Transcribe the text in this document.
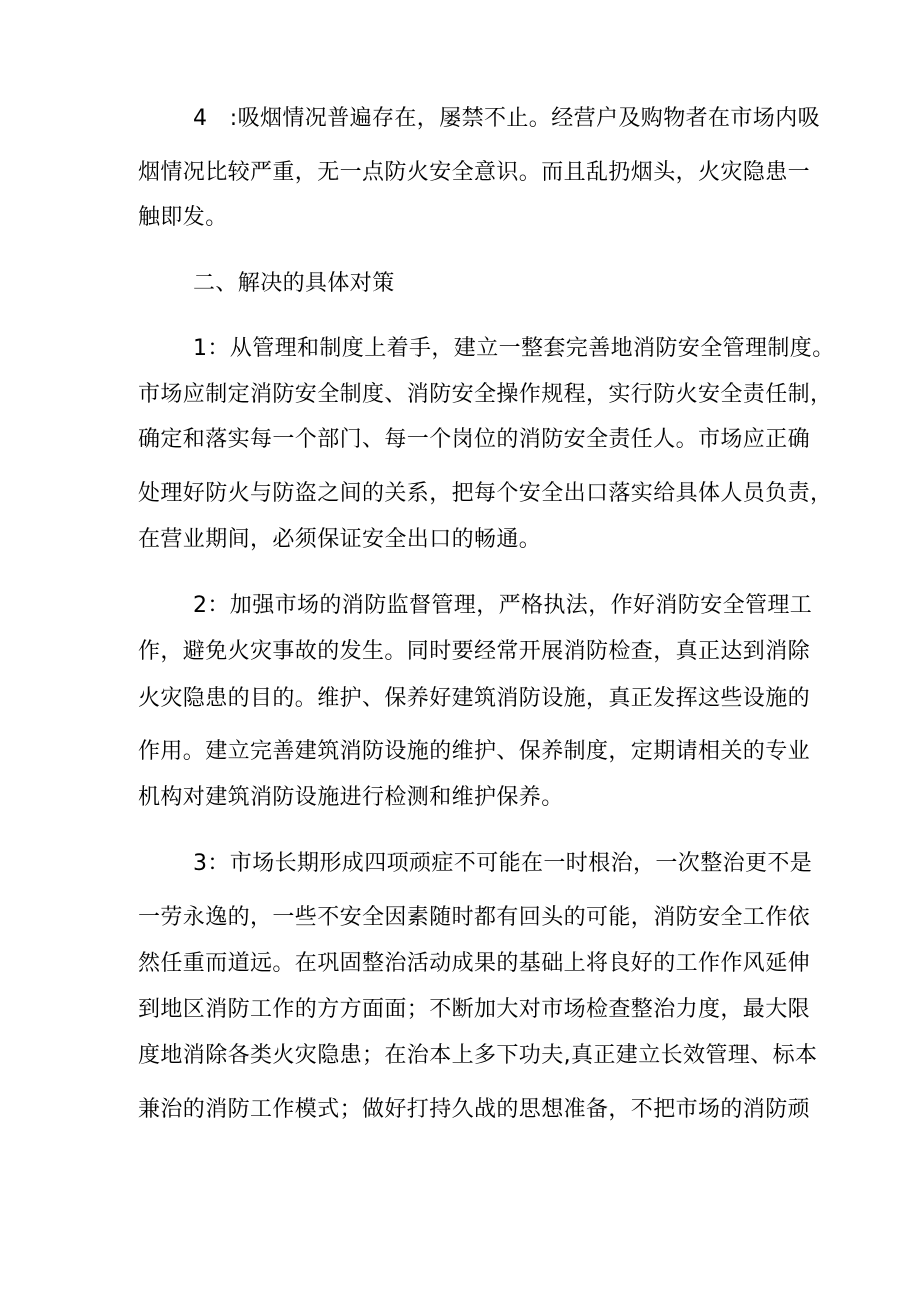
4　:吸烟情况普遍存在，屡禁不止。经营户及购物者在市场内吸
烟情况比较严重，无一点防火安全意识。而且乱扔烟头，火灾隐患一
触即发。
二、解决的具体对策
1：从管理和制度上着手，建立一整套完善地消防安全管理制度。
市场应制定消防安全制度、消防安全操作规程，实行防火安全责任制，
确定和落实每一个部门、每一个岗位的消防安全责任人。市场应正确
处理好防火与防盗之间的关系，把每个安全出口落实给具体人员负责，
在营业期间，必须保证安全出口的畅通。
2：加强市场的消防监督管理，严格执法，作好消防安全管理工
作，避免火灾事故的发生。同时要经常开展消防检查，真正达到消除
火灾隐患的目的。维护、保养好建筑消防设施，真正发挥这些设施的
作用。建立完善建筑消防设施的维护、保养制度，定期请相关的专业
机构对建筑消防设施进行检测和维护保养。
3：市场长期形成四项顽症不可能在一时根治，一次整治更不是
一劳永逸的，一些不安全因素随时都有回头的可能，消防安全工作依
然任重而道远。在巩固整治活动成果的基础上将良好的工作作风延伸
到地区消防工作的方方面面；不断加大对市场检查整治力度，最大限
度地消除各类火灾隐患；在治本上多下功夫,真正建立长效管理、标本
兼治的消防工作模式；做好打持久战的思想准备，不把市场的消防顽
